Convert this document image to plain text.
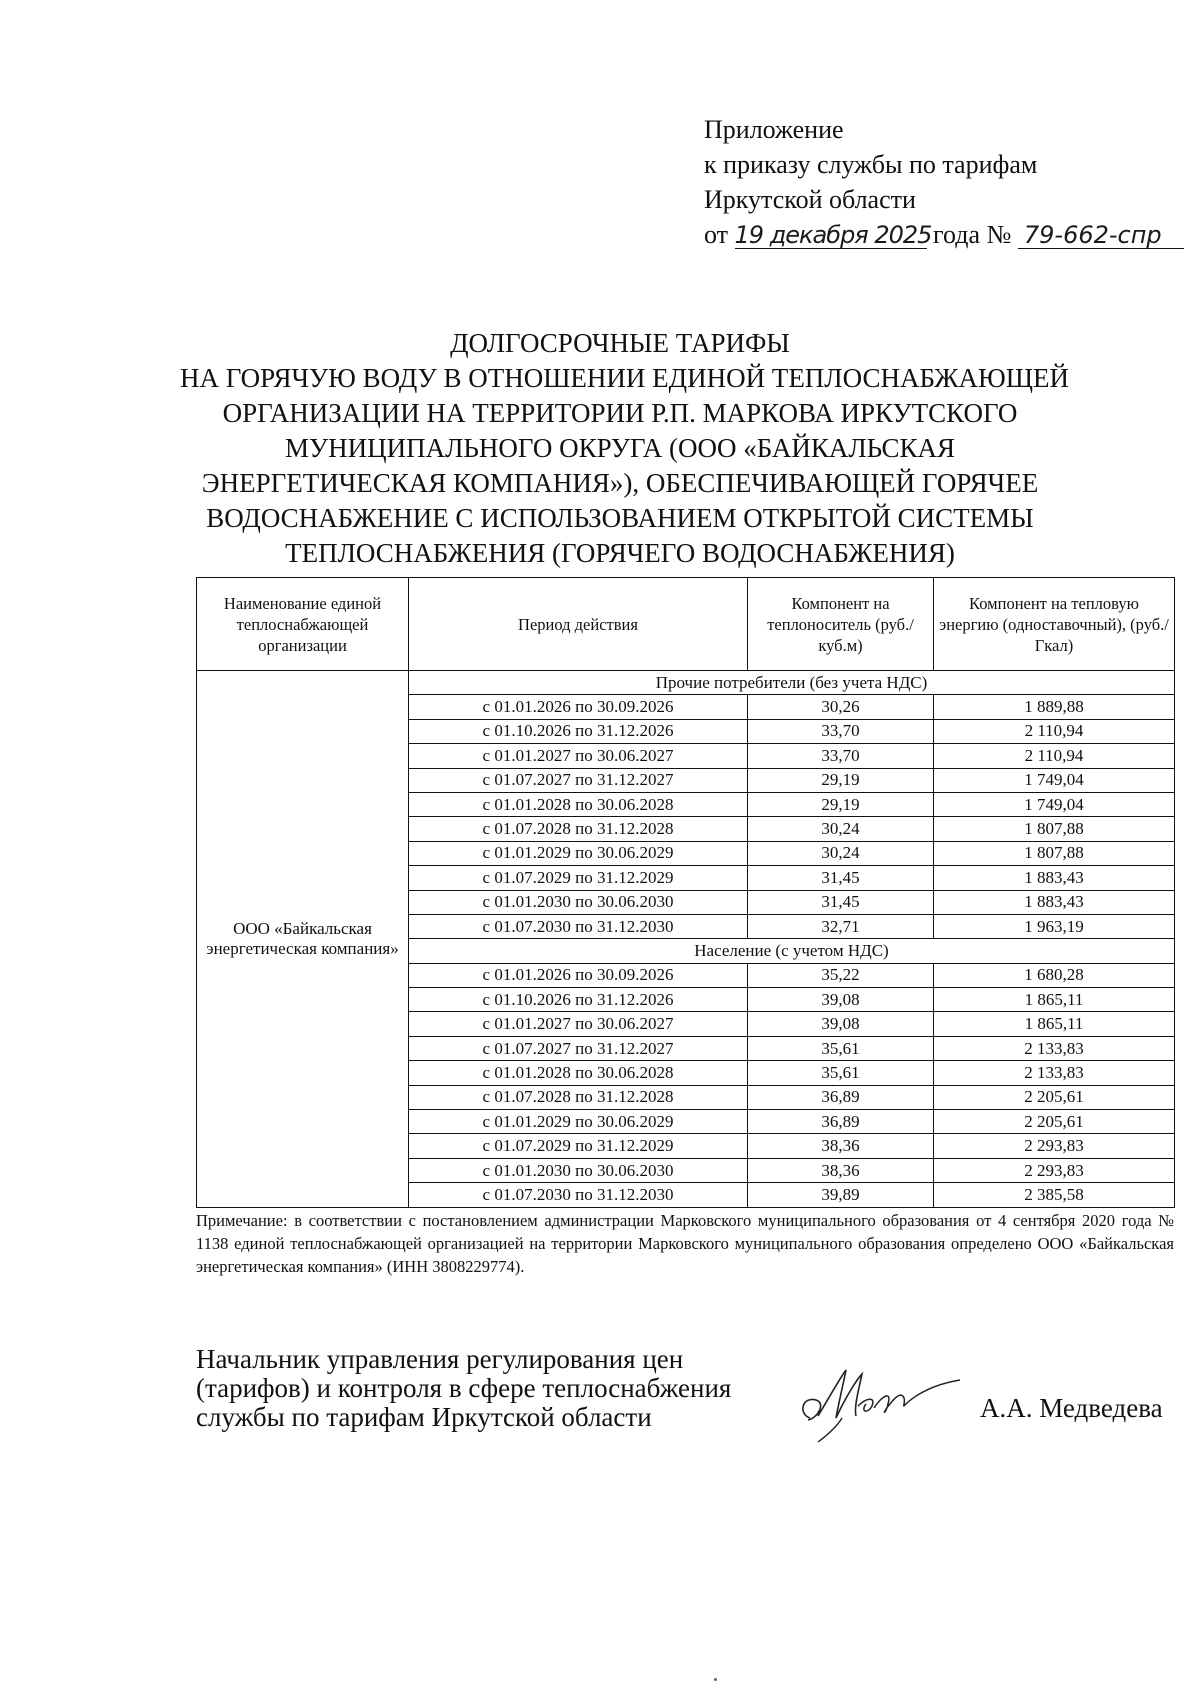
Приложение
к приказу службы по тарифам
Иркутской области
от 19 декабря 2025 года № 79-662-спр
ДОЛГОСРОЧНЫЕ ТАРИФЫ
НА ГОРЯЧУЮ ВОДУ В ОТНОШЕНИИ ЕДИНОЙ ТЕПЛОСНАБЖАЮЩЕЙ
ОРГАНИЗАЦИИ НА ТЕРРИТОРИИ Р.П. МАРКОВА ИРКУТСКОГО
МУНИЦИПАЛЬНОГО ОКРУГА (ООО «БАЙКАЛЬСКАЯ
ЭНЕРГЕТИЧЕСКАЯ КОМПАНИЯ»), ОБЕСПЕЧИВАЮЩЕЙ ГОРЯЧЕЕ
ВОДОСНАБЖЕНИЕ С ИСПОЛЬЗОВАНИЕМ ОТКРЫТОЙ СИСТЕМЫ
ТЕПЛОСНАБЖЕНИЯ (ГОРЯЧЕГО ВОДОСНАБЖЕНИЯ)
Наименование единой теплоснабжающей организации	Период действия	Компонент на теплоноситель (руб./куб.м)	Компонент на тепловую энергию (одноставочный), (руб./Гкал)
ООО «Байкальская энергетическая компания»	Прочие потребители (без учета НДС)		
	с 01.01.2026 по 30.09.2026	30,26	1 889,88
	с 01.10.2026 по 31.12.2026	33,70	2 110,94
	с 01.01.2027 по 30.06.2027	33,70	2 110,94
	с 01.07.2027 по 31.12.2027	29,19	1 749,04
	с 01.01.2028 по 30.06.2028	29,19	1 749,04
	с 01.07.2028 по 31.12.2028	30,24	1 807,88
	с 01.01.2029 по 30.06.2029	30,24	1 807,88
	с 01.07.2029 по 31.12.2029	31,45	1 883,43
	с 01.01.2030 по 30.06.2030	31,45	1 883,43
	с 01.07.2030 по 31.12.2030	32,71	1 963,19
	Население (с учетом НДС)		
	с 01.01.2026 по 30.09.2026	35,22	1 680,28
	с 01.10.2026 по 31.12.2026	39,08	1 865,11
	с 01.01.2027 по 30.06.2027	39,08	1 865,11
	с 01.07.2027 по 31.12.2027	35,61	2 133,83
	с 01.01.2028 по 30.06.2028	35,61	2 133,83
	с 01.07.2028 по 31.12.2028	36,89	2 205,61
	с 01.01.2029 по 30.06.2029	36,89	2 205,61
	с 01.07.2029 по 31.12.2029	38,36	2 293,83
	с 01.01.2030 по 30.06.2030	38,36	2 293,83
	с 01.07.2030 по 31.12.2030	39,89	2 385,58
Примечание: в соответствии с постановлением администрации Марковского муниципального образования от 4 сентября 2020 года № 1138 единой теплоснабжающей организацией на территории Марковского муниципального образования определено ООО «Байкальская энергетическая компания» (ИНН 3808229774).
Начальник управления регулирования цен
(тарифов) и контроля в сфере теплоснабжения
службы по тарифам Иркутской области	А.А. Медведева
